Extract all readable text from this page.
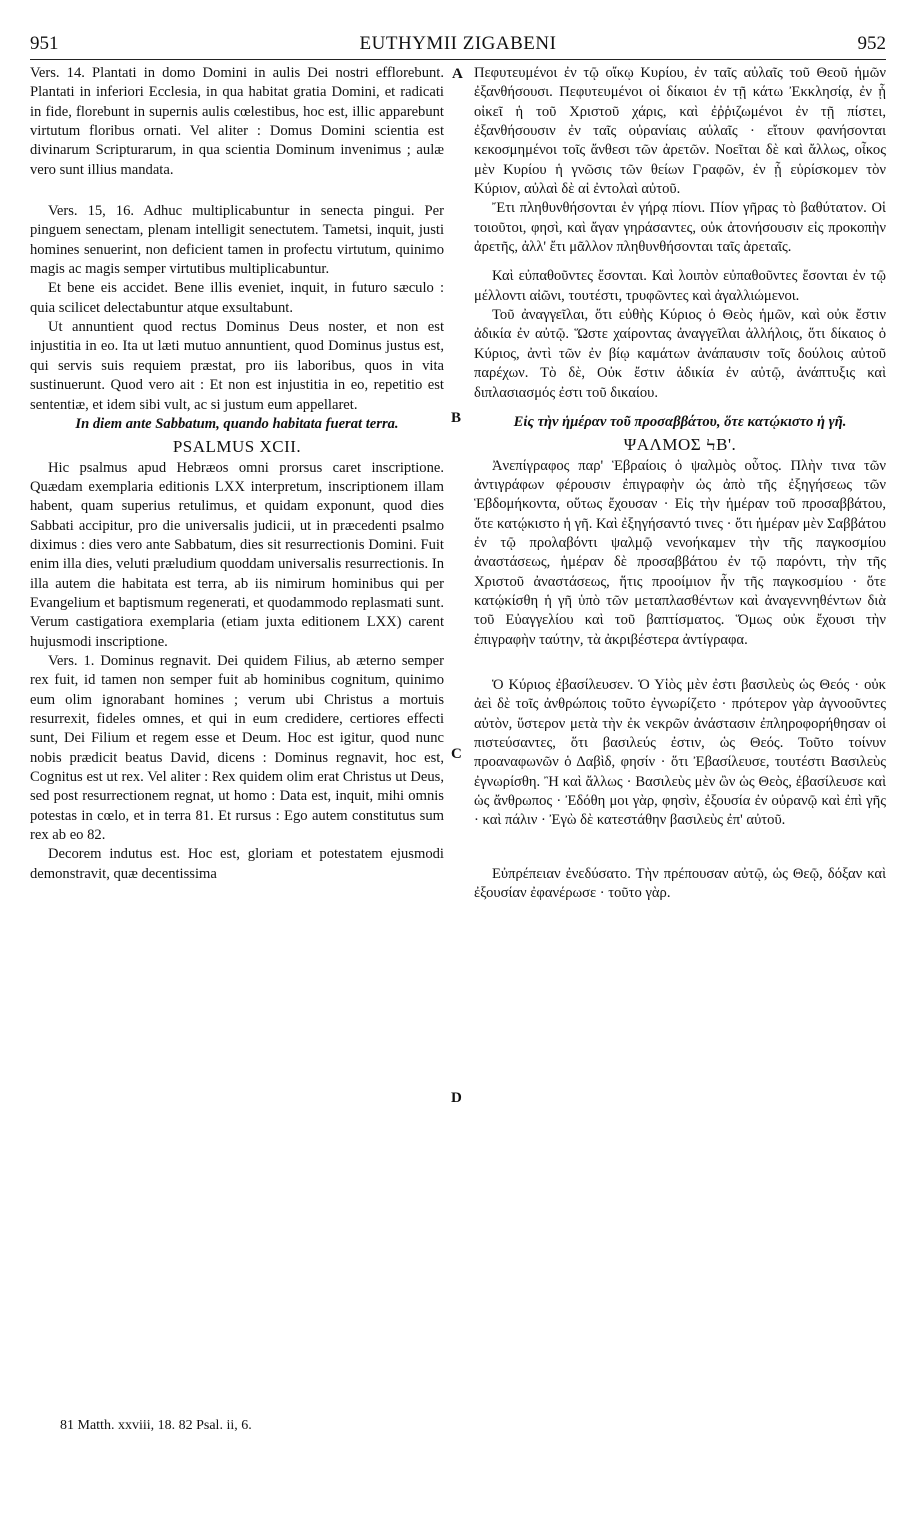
951	EUTHYMII ZIGABENI	952
A
B
C
D

Vers. 14. Plantati in domo Domini in aulis Dei nostri efflorebunt. Plantati in inferiori Ecclesia, in qua habitat gratia Domini, et radicati in fide, florebunt in supernis aulis cœlestibus, hoc est, illic apparebunt virtutum floribus ornati. Vel aliter : Domus Domini scientia est divinarum Scripturarum, in qua scientia Dominum invenimus ; aulæ vero sunt illius mandata.

Vers. 15, 16. Adhuc multiplicabuntur in senecta pingui. Per pinguem senectam, plenam intelligit senectutem. Tametsi, inquit, justi homines senuerint, non deficient tamen in profectu virtutum, quinimo magis ac magis semper virtutibus multiplicabuntur.

Et bene eis accidet. Bene illis eveniet, inquit, in futuro sæculo : quia scilicet delectabuntur atque exsultabunt.

Ut annuntient quod rectus Dominus Deus noster, et non est injustitia in eo. Ita ut læti mutuo annuntient, quod Dominus justus est, qui servis suis requiem præstat, pro iis laboribus, quos in vita sustinuerunt. Quod vero ait : Et non est injustitia in eo, repetitio est sententiæ, et idem sibi vult, ac si justum eum appellaret.

In diem ante Sabbatum, quando habitata fuerat terra.

PSALMUS XCII.

Hic psalmus apud Hebræos omni prorsus caret inscriptione. Quædam exemplaria editionis LXX interpretum, inscriptionem illam habent, quam superius retulimus, et quidam exponunt, quod dies Sabbati accipitur, pro die universalis judicii, ut in præcedenti psalmo diximus : dies vero ante Sabbatum, dies sit resurrectionis Domini. Fuit enim illa dies, veluti præludium quoddam universalis resurrectionis. In illa autem die habitata est terra, ab iis nimirum hominibus qui per Evangelium et baptismum regenerati, et quodammodo replasmati sunt. Verum castigatiora exemplaria (etiam juxta editionem LXX) carent hujusmodi inscriptione.

Vers. 1. Dominus regnavit. Dei quidem Filius, ab æterno semper rex fuit, id tamen non semper fuit ab hominibus cognitum, quinimo eum olim ignorabant homines ; verum ubi Christus a mortuis resurrexit, fideles omnes, et qui in eum credidere, certiores effecti sunt, Dei Filium et regem esse et Deum. Hoc est igitur, quod nunc nobis prædicit beatus David, dicens : Dominus regnavit, hoc est, Cognitus est ut rex. Vel aliter : Rex quidem olim erat Christus ut Deus, sed post resurrectionem regnat, ut homo : Data est, inquit, mihi omnis potestas in cœlo, et in terra 81. Et rursus : Ego autem constitutus sum rex ab eo 82.

Decorem indutus est. Hoc est, gloriam et potestatem ejusmodi demonstravit, quæ decentissima

Πεφυτευμένοι ἐν τῷ οἴκῳ Κυρίου, ἐν ταῖς αὐλαῖς τοῦ Θεοῦ ἡμῶν ἐξανθήσουσι. Πεφυτευμένοι οἱ δίκαιοι ἐν τῇ κάτω Ἐκκλησίᾳ, ἐν ᾗ οἰκεῖ ἡ τοῦ Χριστοῦ χάρις, καὶ ἐῤῥιζωμένοι ἐν τῇ πίστει, ἐξανθήσουσιν ἐν ταῖς οὐρανίαις αὐλαῖς · εἴτουν φανήσονται κεκοσμημένοι τοῖς ἄνθεσι τῶν ἀρετῶν. Νοεῖται δὲ καὶ ἄλλως, οἶκος μὲν Κυρίου ἡ γνῶσις τῶν θείων Γραφῶν, ἐν ᾗ εὑρίσκομεν τὸν Κύριον, αὐλαὶ δὲ αἱ ἐντολαὶ αὐτοῦ.

Ἔτι πληθυνθήσονται ἐν γήρᾳ πίονι. Πίον γῆρας τὸ βαθύτατον. Οἱ τοιοῦτοι, φησὶ, καὶ ἄγαν γηράσαντες, οὐκ ἀτονήσουσιν εἰς προκοπὴν ἀρετῆς, ἀλλ' ἔτι μᾶλλον πληθυνθήσονται ταῖς ἀρεταῖς.

Καὶ εὐπαθοῦντες ἔσονται. Καὶ λοιπὸν εὐπαθοῦντες ἔσονται ἐν τῷ μέλλοντι αἰῶνι, τουτέστι, τρυφῶντες καὶ ἀγαλλιώμενοι.

Τοῦ ἀναγγεῖλαι, ὅτι εὐθὴς Κύριος ὁ Θεὸς ἡμῶν, καὶ οὐκ ἔστιν ἀδικία ἐν αὐτῷ. Ὥστε χαίροντας ἀναγγεῖλαι ἀλλήλοις, ὅτι δίκαιος ὁ Κύριος, ἀντὶ τῶν ἐν βίῳ καμάτων ἀνάπαυσιν τοῖς δούλοις αὐτοῦ παρέχων. Τὸ δὲ, Οὐκ ἔστιν ἀδικία ἐν αὐτῷ, ἀνάπτυξις καὶ διπλασιασμός ἐστι τοῦ δικαίου.

Εἰς τὴν ἡμέραν τοῦ προσαββάτου, ὅτε κατῴκιστο ἡ γῆ.

ΨΑΛΜΟΣ ϞΒ'.

Ἀνεπίγραφος παρ' Ἑβραίοις ὁ ψαλμὸς οὗτος. Πλὴν τινα τῶν ἀντιγράφων φέρουσιν ἐπιγραφὴν ὡς ἀπὸ τῆς ἐξηγήσεως τῶν Ἑβδομήκοντα, οὕτως ἔχουσαν · Εἰς τὴν ἡμέραν τοῦ προσαββάτου, ὅτε κατῴκιστο ἡ γῆ. Καὶ ἐξηγήσαντό τινες · ὅτι ἡμέραν μὲν Σαββάτου ἐν τῷ προλαβόντι ψαλμῷ νενοήκαμεν τὴν τῆς παγκοσμίου ἀναστάσεως, ἡμέραν δὲ προσαββάτου ἐν τῷ παρόντι, τὴν τῆς Χριστοῦ ἀναστάσεως, ἥτις προοίμιον ἦν τῆς παγκοσμίου · ὅτε κατῴκίσθη ἡ γῆ ὑπὸ τῶν μεταπλασθέντων καὶ ἀναγεννηθέντων διὰ τοῦ Εὐαγγελίου καὶ τοῦ βαπτίσματος. Ὅμως οὐκ ἔχουσι τὴν ἐπιγραφὴν ταύτην, τὰ ἀκριβέστερα ἀντίγραφα.

Ὁ Κύριος ἐβασίλευσεν. Ὁ Υἱὸς μὲν ἐστι βασιλεὺς ὡς Θεός · οὐκ ἀεὶ δὲ τοῖς ἀνθρώποις τοῦτο ἐγνωρίζετο · πρότερον γὰρ ἀγνοοῦντες αὐτὸν, ὕστερον μετὰ τὴν ἐκ νεκρῶν ἀνάστασιν ἐπληροφορήθησαν οἱ πιστεύσαντες, ὅτι βασιλεύς ἐστιν, ὡς Θεός. Τοῦτο τοίνυν προαναφωνῶν ὁ Δαβὶδ, φησίν · ὅτι Ἐβασίλευσε, τουτέστι Βασιλεὺς ἐγνωρίσθη. Ἢ καὶ ἄλλως · Βασιλεὺς μὲν ὢν ὡς Θεὸς, ἐβασίλευσε καὶ ὡς ἄνθρωπος · Ἐδόθη μοι γὰρ, φησὶν, ἐξουσία ἐν οὐρανῷ καὶ ἐπὶ γῆς · καὶ πάλιν · Ἐγὼ δὲ κατεστάθην βασιλεὺς ἐπ' αὐτοῦ.

Εὐπρέπειαν ἐνεδύσατο. Τὴν πρέπουσαν αὐτῷ, ὡς Θεῷ, δόξαν καὶ ἐξουσίαν ἐφανέρωσε · τοῦτο γὰρ.

81 Matth. xxviii, 18. 82 Psal. ii, 6.
